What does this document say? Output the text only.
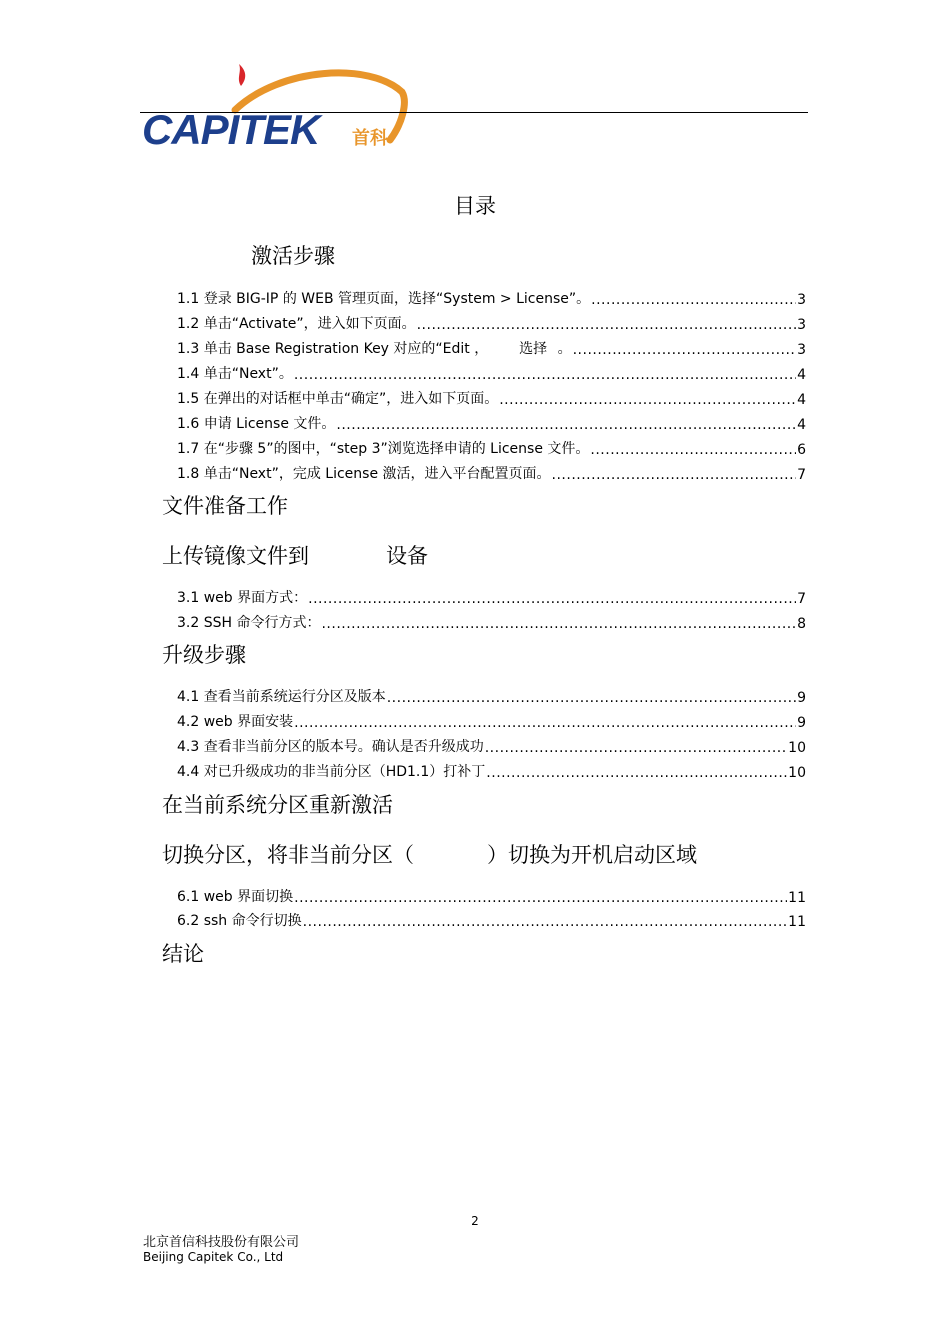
CAPITEK 首科
目录
激活步骤
1.1 登录 BIG-IP 的 WEB 管理页面，选择“System > License”。 .....	3
1.2 单击“Activate”，进入如下页面。 .....	3
1.3 单击 Base Registration Key 对应的“Edit ， 选择 。 .....	3
1.4 单击“Next”。 .....	4
1.5 在弹出的对话框中单击“确定”，进入如下页面。 .....	4
1.6 申请 License 文件。 .....	4
1.7 在“步骤 5”的图中，“step 3”浏览选择申请的 License 文件。 .....	6
1.8 单击“Next”，完成 License 激活，进入平台配置页面。 .....	7
文件准备工作
上传镜像文件到	设备
3.1 web 界面方式： .....	7
3.2 SSH 命令行方式： .....	8
升级步骤
4.1 查看当前系统运行分区及版本 .....	9
4.2 web 界面安装 .....	9
4.3 查看非当前分区的版本号。确认是否升级成功 .....	10
4.4 对已升级成功的非当前分区（HD1.1）打补丁 .....	10
在当前系统分区重新激活
切换分区，将非当前分区（	）切换为开机启动区域
6.1 web 界面切换 .....	11
6.2 ssh 命令行切换 .....	11
结论
2
北京首信科技股份有限公司
Beijing Capitek Co., Ltd
